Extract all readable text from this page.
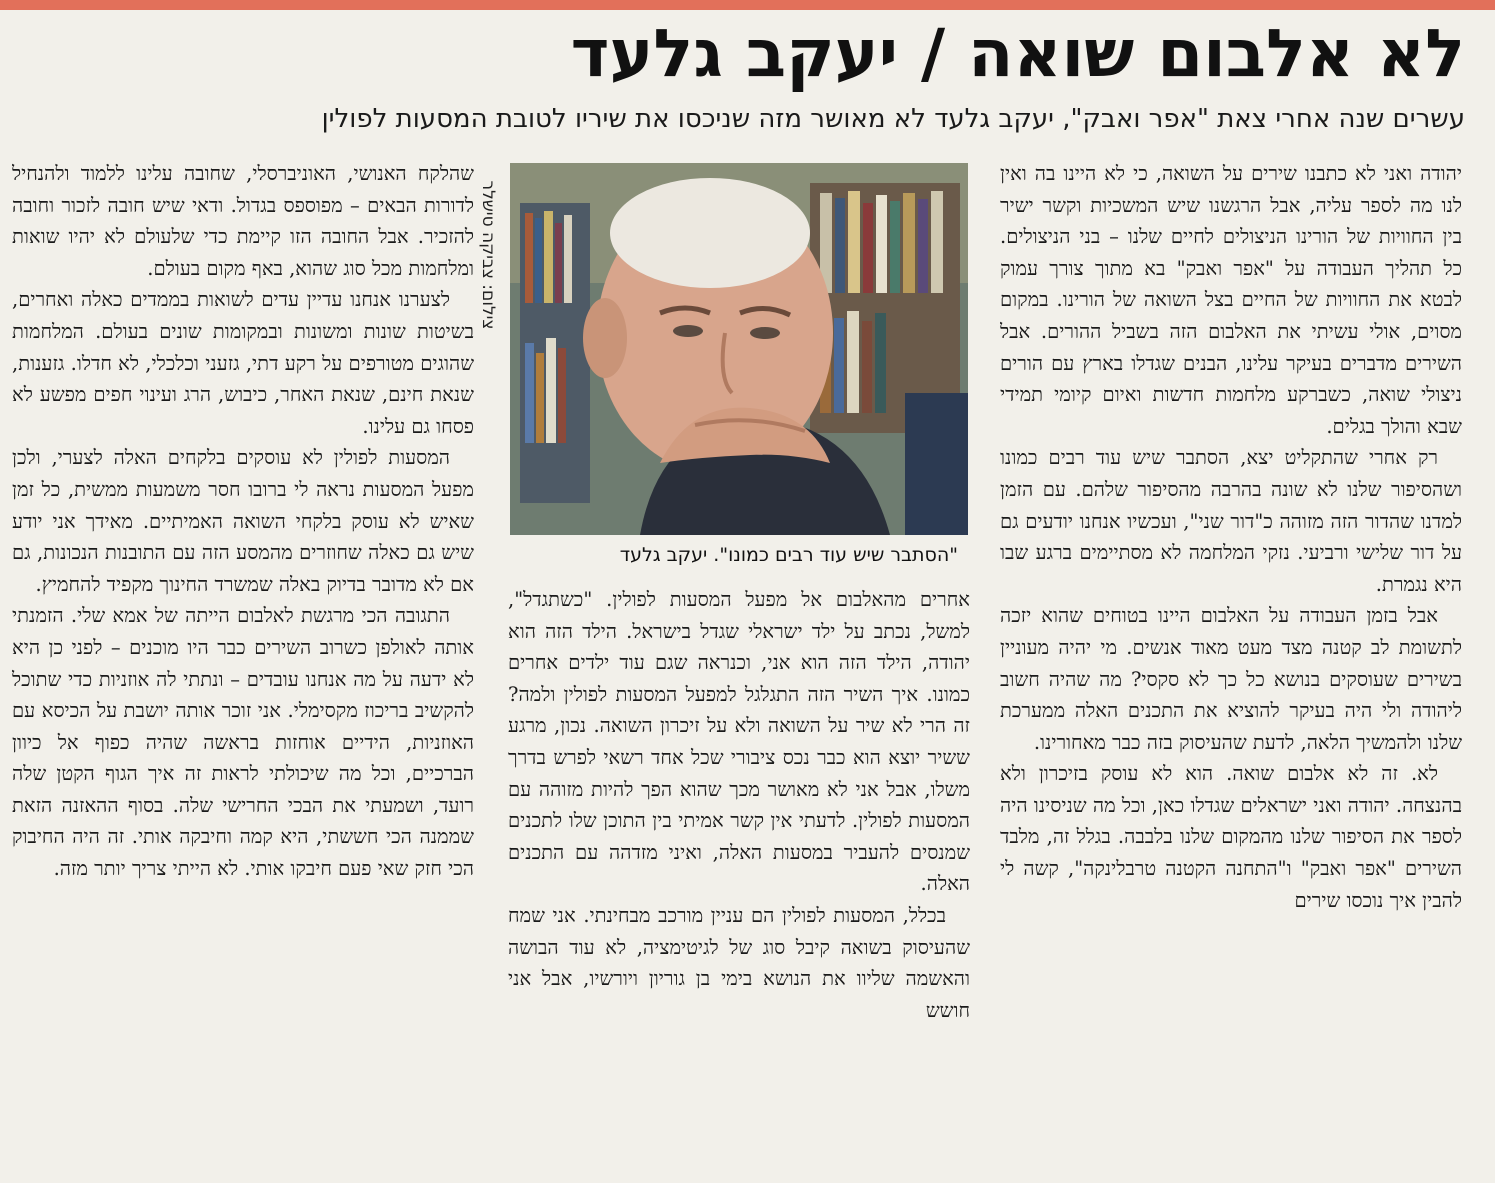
לא אלבום שואה / יעקב גלעד
עשרים שנה אחרי צאת "אפר ואבק", יעקב גלעד לא מאושר מזה שניכסו את שיריו לטובת המסעות לפולין

יהודה ואני לא כתבנו שירים על השואה, כי לא היינו בה ואין לנו מה לספר עליה, אבל הרגשנו שיש המשכיות וקשר ישיר בין החוויות של הורינו הניצולים לחיים שלנו – בני הניצולים. כל תהליך העבודה על "אפר ואבק" בא מתוך צורך עמוק לבטא את החוויות של החיים בצל השואה של הורינו. במקום מסוים, אולי עשיתי את האלבום הזה בשביל ההורים. אבל השירים מדברים בעיקר עלינו, הבנים שגדלו בארץ עם הורים ניצולי שואה, כשברקע מלחמות חדשות ואיום קיומי תמידי שבא והולך בגלים.

רק אחרי שהתקליט יצא, הסתבר שיש עוד רבים כמונו ושהסיפור שלנו לא שונה בהרבה מהסיפור שלהם. עם הזמן למדנו שהדור הזה מזוהה כ"דור שני", ועכשיו אנחנו יודעים גם על דור שלישי ורביעי. נזקי המלחמה לא מסתיימים ברגע שבו היא נגמרת.

אבל בזמן העבודה על האלבום היינו בטוחים שהוא יזכה לתשומת לב קטנה מצד מעט מאוד אנשים. מי יהיה מעוניין בשירים שעוסקים בנושא כל כך לא סקסי? מה שהיה חשוב ליהודה ולי היה בעיקר להוציא את התכנים האלה ממערכת שלנו ולהמשיך הלאה, לדעת שהעיסוק בזה כבר מאחורינו.

לא. זה לא אלבום שואה. הוא לא עוסק בזיכרון ולא בהנצחה. יהודה ואני ישראלים שגדלו כאן, וכל מה שניסינו היה לספר את הסיפור שלנו מהמקום שלנו בלבבה. בגלל זה, מלבד השירים "אפר ואבק" ו"התחנה הקטנה טרבלינקה", קשה לי להבין איך נוכסו שירים

צילום: צביקה טישלר
"הסתבר שיש עוד רבים כמונו". יעקב גלעד

אחרים מהאלבום אל מפעל המסעות לפולין. "כשתגדל", למשל, נכתב על ילד ישראלי שגדל בישראל. הילד הזה הוא יהודה, הילד הזה הוא אני, וכנראה שגם עוד ילדים אחרים כמונו. איך השיר הזה התגלגל למפעל המסעות לפולין ולמה? זה הרי לא שיר על השואה ולא על זיכרון השואה. נכון, מרגע ששיר יוצא הוא כבר נכס ציבורי שכל אחד רשאי לפרש בדרך משלו, אבל אני לא מאושר מכך שהוא הפך להיות מזוהה עם המסעות לפולין. לדעתי אין קשר אמיתי בין התוכן שלו לתכנים שמנסים להעביר במסעות האלה, ואיני מזדהה עם התכנים האלה.

בכלל, המסעות לפולין הם עניין מורכב מבחינתי. אני שמח שהעיסוק בשואה קיבל סוג של לגיטימציה, לא עוד הבושה והאשמה שליוו את הנושא בימי בן גוריון ויורשיו, אבל אני חושש

שהלקח האנושי, האוניברסלי, שחובה עלינו ללמוד ולהנחיל לדורות הבאים – מפוספס בגדול. ודאי שיש חובה לזכור וחובה להזכיר. אבל החובה הזו קיימת כדי שלעולם לא יהיו שואות ומלחמות מכל סוג שהוא, באף מקום בעולם.

לצערנו אנחנו עדיין עדים לשואות בממדים כאלה ואחרים, בשיטות שונות ומשונות ובמקומות שונים בעולם. המלחמות שהוגים מטורפים על רקע דתי, גזעני וכלכלי, לא חדלו. גזענות, שנאת חינם, שנאת האחר, כיבוש, הרג ועינוי חפים מפשע לא פסחו גם עלינו.

המסעות לפולין לא עוסקים בלקחים האלה לצערי, ולכן מפעל המסעות נראה לי ברובו חסר משמעות ממשית, כל זמן שאיש לא עוסק בלקחי השואה האמיתיים. מאידך אני יודע שיש גם כאלה שחוזרים מהמסע הזה עם התובנות הנכונות, גם אם לא מדובר בדיוק באלה שמשרד החינוך מקפיד להחמיץ.

התגובה הכי מרגשת לאלבום הייתה של אמא שלי. הזמנתי אותה לאולפן כשרוב השירים כבר היו מוכנים – לפני כן היא לא ידעה על מה אנחנו עובדים – ונתתי לה אוזניות כדי שתוכל להקשיב בריכוז מקסימלי. אני זוכר אותה יושבת על הכיסא עם האוזניות, הידיים אוחזות בראשה שהיה כפוף אל כיוון הברכיים, וכל מה שיכולתי לראות זה איך הגוף הקטן שלה רועד, ושמעתי את הבכי החרישי שלה. בסוף ההאזנה הזאת שממנה הכי חששתי, היא קמה וחיבקה אותי. זה היה החיבוק הכי חזק שאי פעם חיבקו אותי. לא הייתי צריך יותר מזה.
